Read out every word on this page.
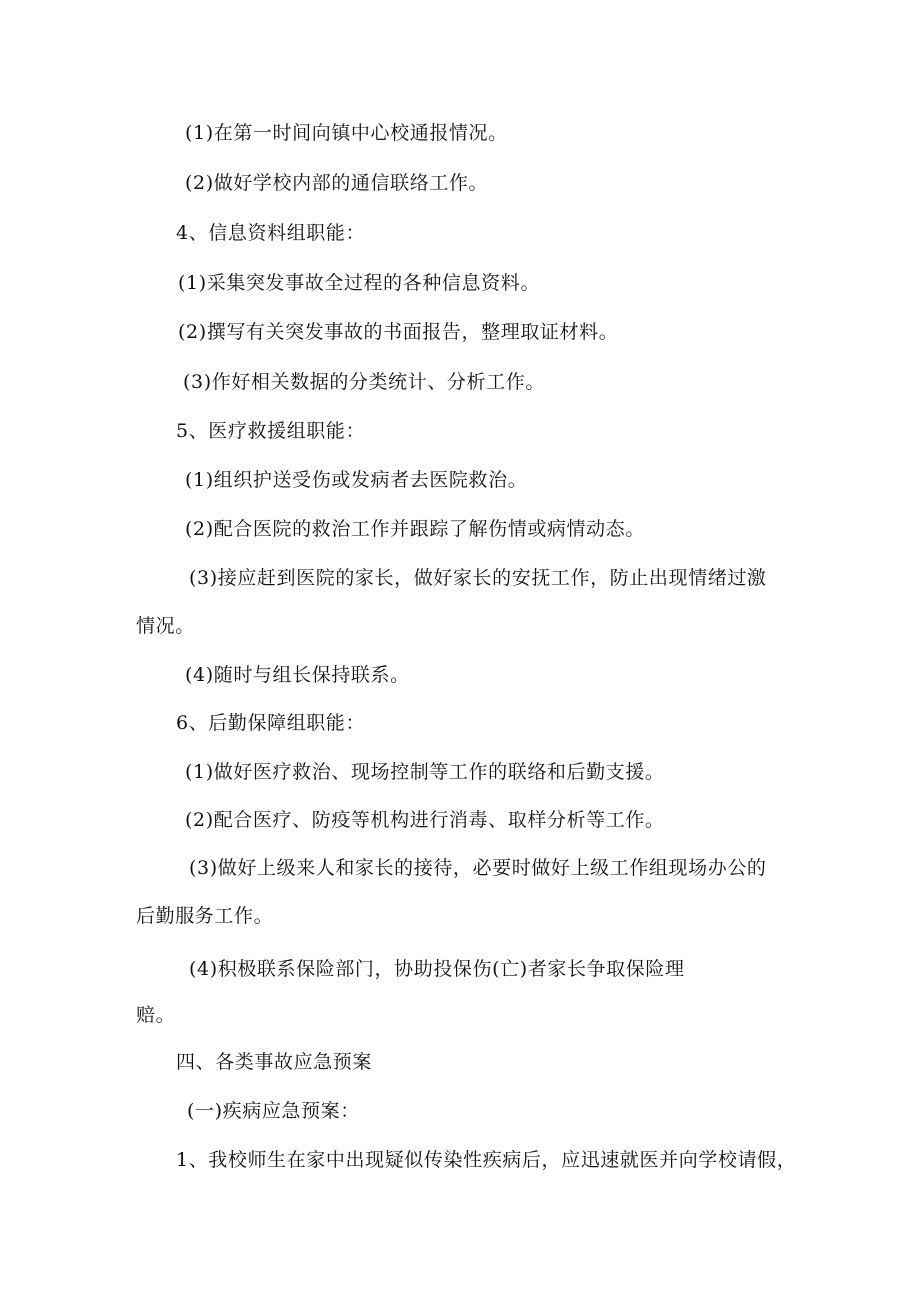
(1)在第一时间向镇中心校通报情况。
(2)做好学校内部的通信联络工作。
4、信息资料组职能：
(1)采集突发事故全过程的各种信息资料。
(2)撰写有关突发事故的书面报告，整理取证材料。
(3)作好相关数据的分类统计、分析工作。
5、医疗救援组职能：
(1)组织护送受伤或发病者去医院救治。
(2)配合医院的救治工作并跟踪了解伤情或病情动态。
(3)接应赶到医院的家长，做好家长的安抚工作，防止出现情绪过激
情况。
(4)随时与组长保持联系。
6、后勤保障组职能：
(1)做好医疗救治、现场控制等工作的联络和后勤支援。
(2)配合医疗、防疫等机构进行消毒、取样分析等工作。
(3)做好上级来人和家长的接待，必要时做好上级工作组现场办公的
后勤服务工作。
(4)积极联系保险部门，协助投保伤(亡)者家长争取保险理
赔。
四、各类事故应急预案
(一)疾病应急预案：
1、我校师生在家中出现疑似传染性疾病后，应迅速就医并向学校请假，
